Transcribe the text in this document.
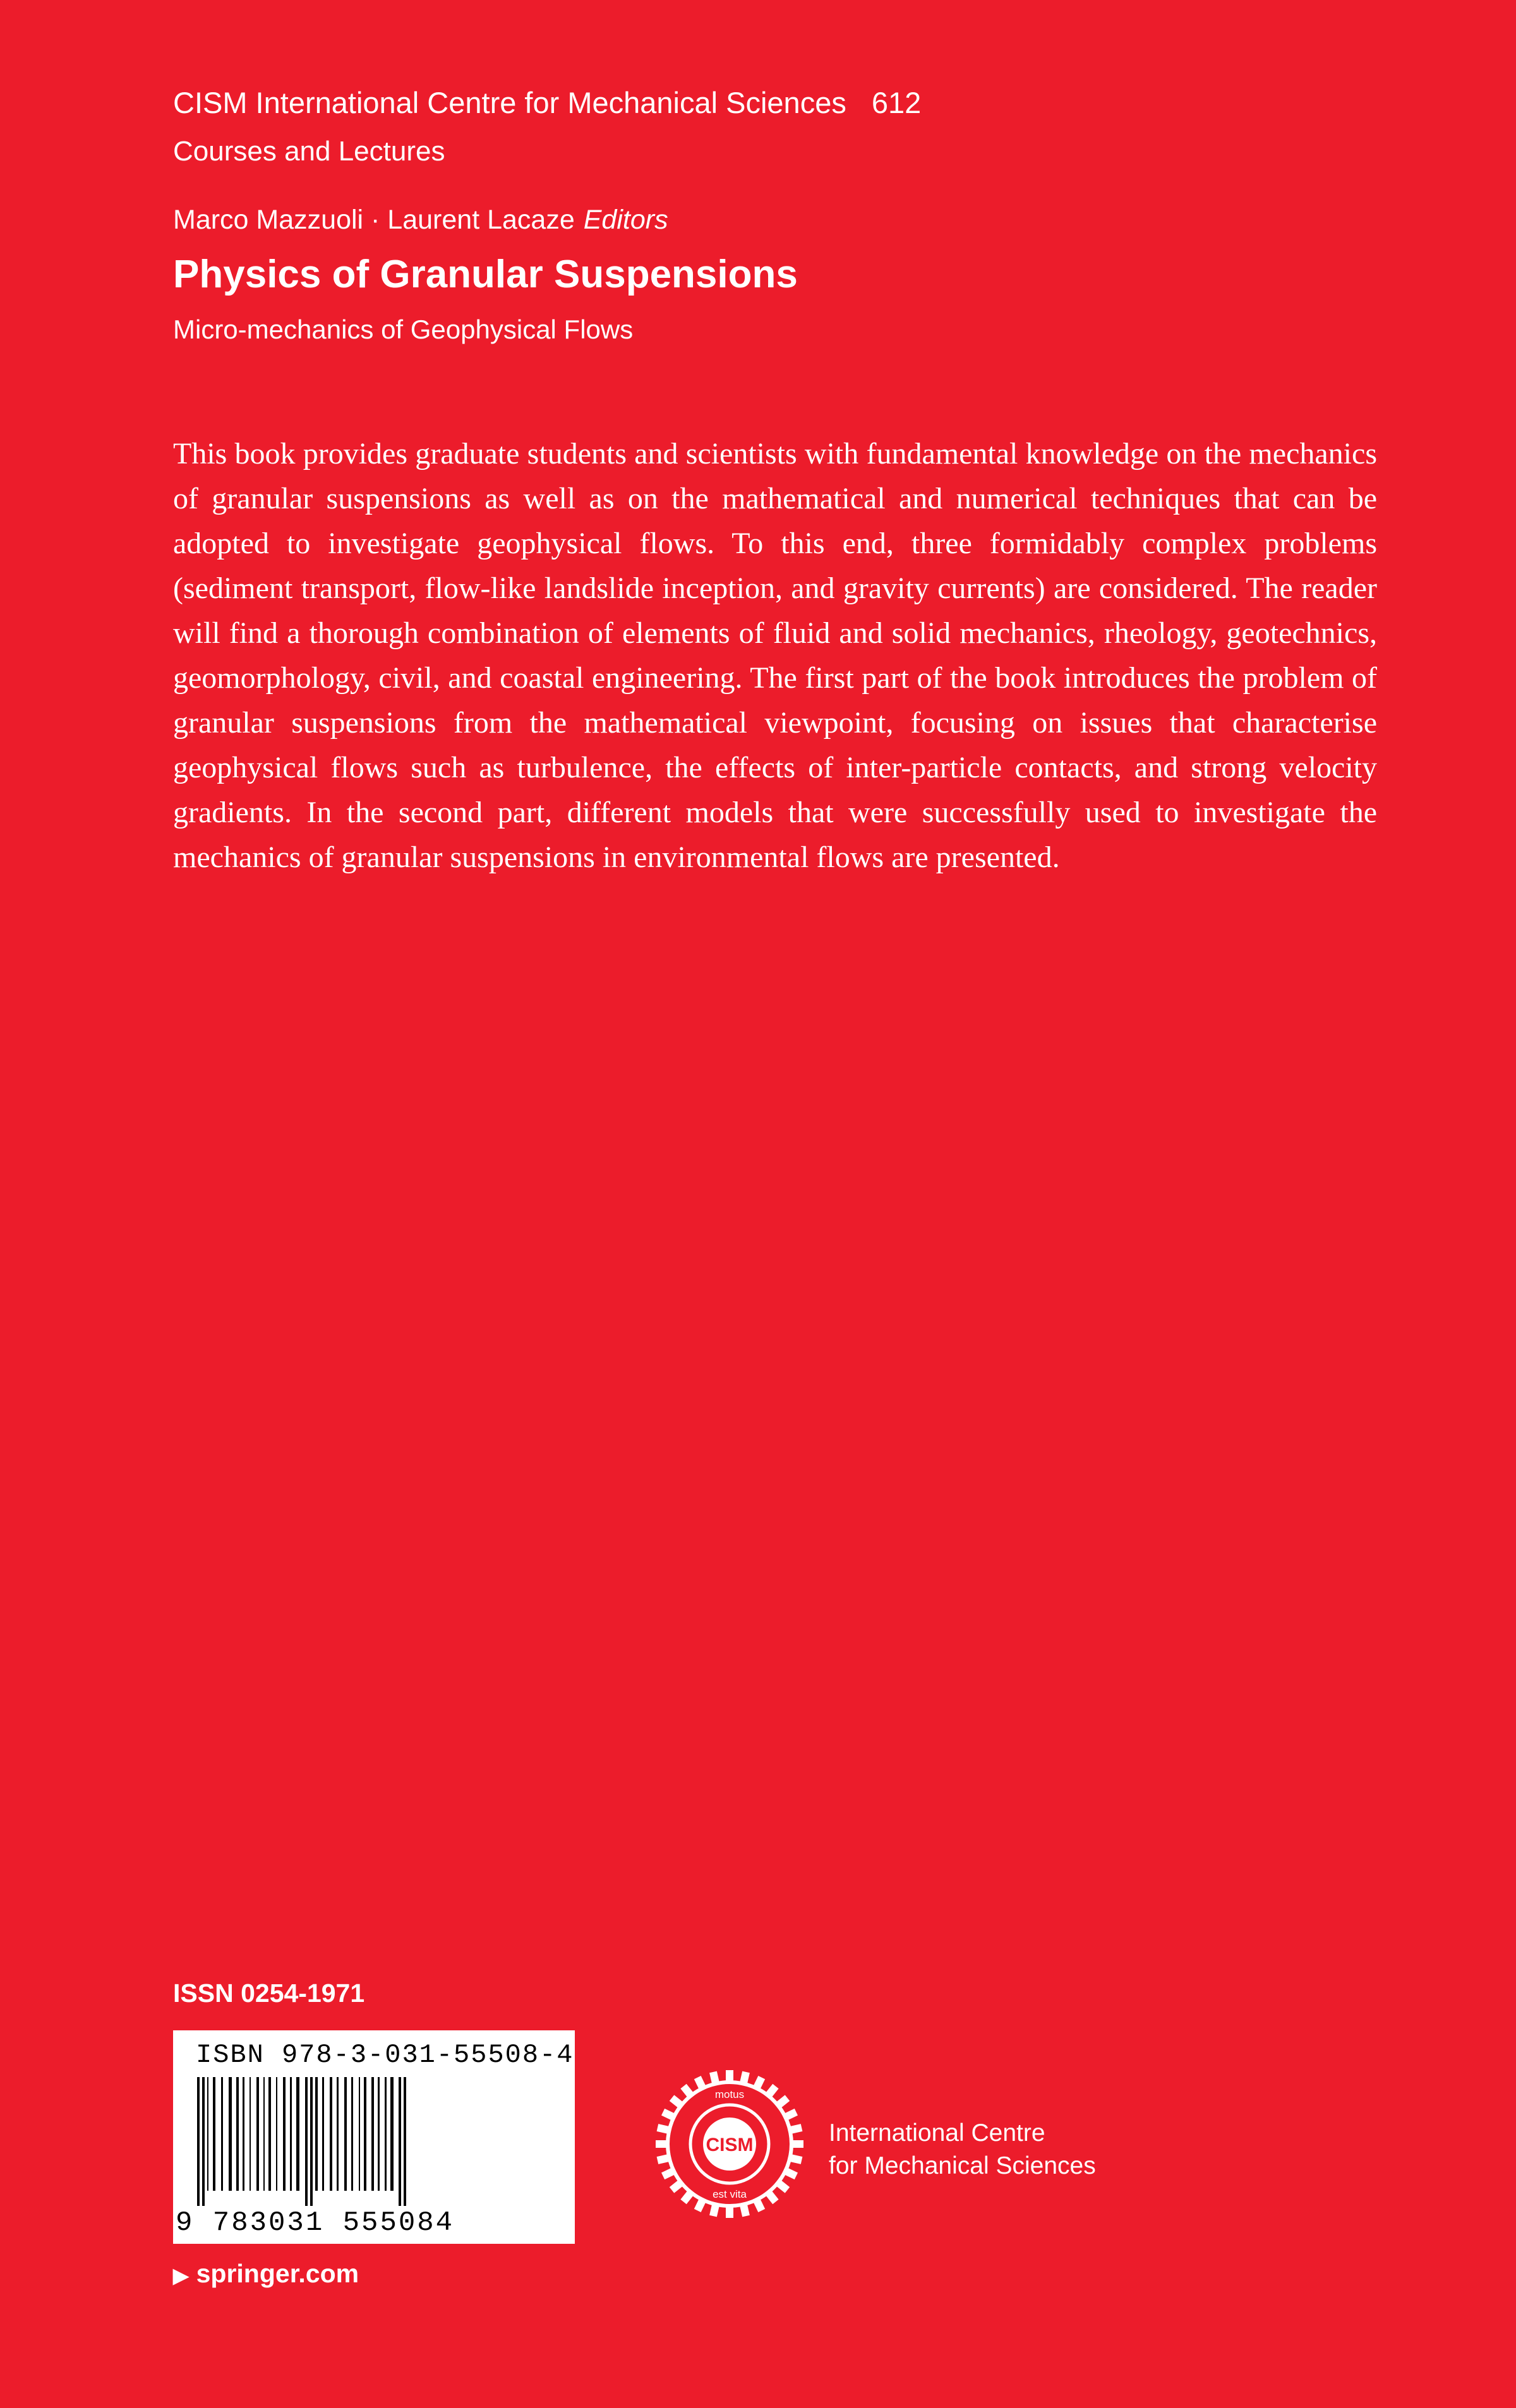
CISM International Centre for Mechanical Sciences 612
Courses and Lectures
Marco Mazzuoli · Laurent Lacaze Editors
Physics of Granular Suspensions
Micro-mechanics of Geophysical Flows

This book provides graduate students and scientists with fundamental knowledge on the mechanics of granular suspensions as well as on the mathematical and numerical techniques that can be adopted to investigate geophysical flows. To this end, three formidably complex problems (sediment transport, flow-like landslide inception, and gravity currents) are considered. The reader will find a thorough combination of elements of fluid and solid mechanics, rheology, geotechnics, geomorphology, civil, and coastal engineering. The first part of the book introduces the problem of granular suspensions from the mathematical viewpoint, focusing on issues that characterise geophysical flows such as turbulence, the effects of inter-particle contacts, and strong velocity gradients. In the second part, different models that were successfully used to investigate the mechanics of granular suspensions in environmental flows are presented.

ISSN 0254-1971
ISBN 978-3-031-55508-4
9 783031 555084
▶ springer.com
CISM
motus
est vita
International Centre
for Mechanical Sciences
